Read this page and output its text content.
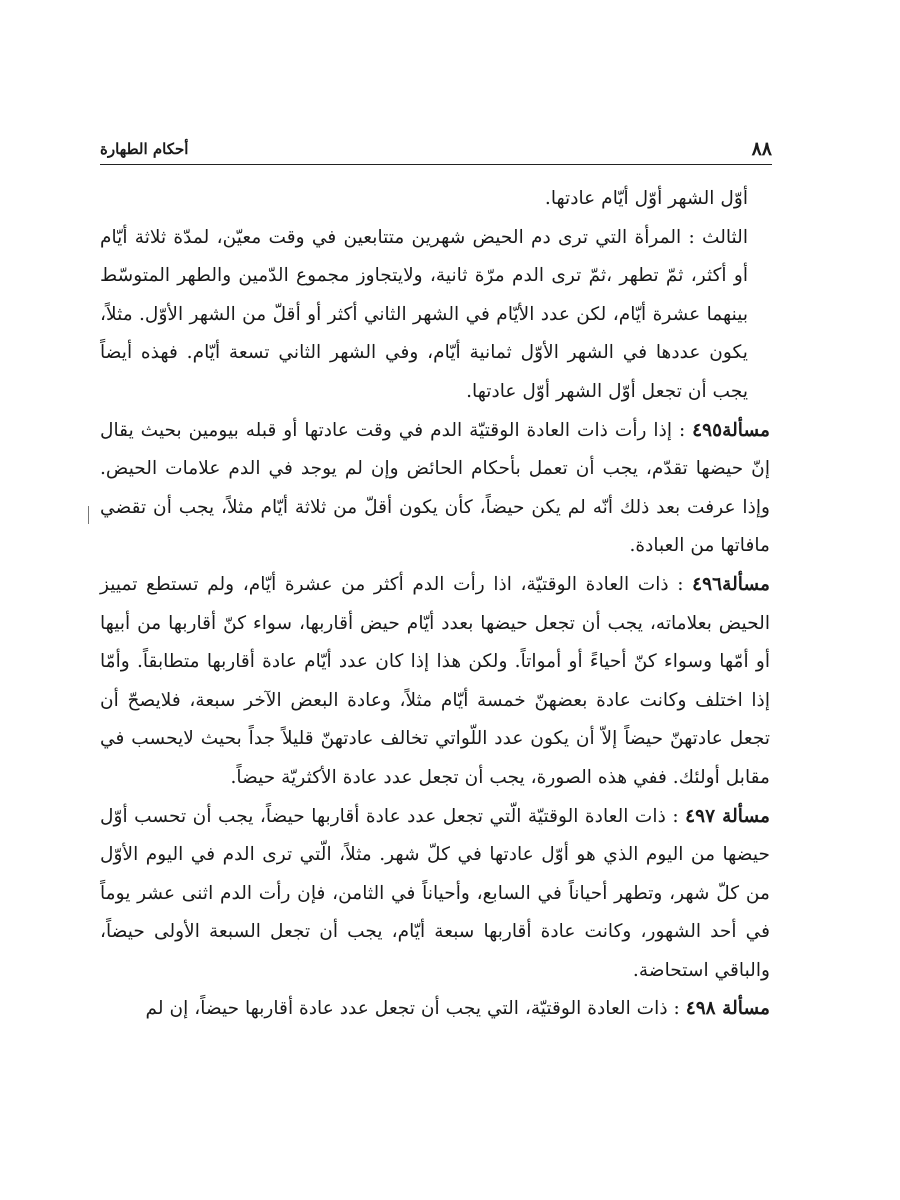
٨٨
أحكام الطهارة

أوّل الشهر أوّل أيّام عادتها.

الثالث : المرأة التي ترى دم الحيض شهرين متتابعين في وقت معيّن، لمدّة ثلاثة أيّام أو أكثر، ثمّ تطهر ،ثمّ ترى الدم مرّة ثانية، ولايتجاوز مجموع الدّمين والطهر المتوسّط بينهما عشرة أيّام، لكن عدد الأيّام في الشهر الثاني أكثر أو أقلّ من الشهر الأوّل. مثلاً، يكون عددها في الشهر الأوّل ثمانية أيّام، وفي الشهر الثاني تسعة أيّام. فهذه أيضاً يجب أن تجعل أوّل الشهر أوّل عادتها.

مسألة٤٩٥ : إذا رأت ذات العادة الوقتيّة الدم في وقت عادتها أو قبله بيومين بحيث يقال إنّ حيضها تقدّم، يجب أن تعمل بأحكام الحائض وإن لم يوجد في الدم علامات الحيض. وإذا عرفت بعد ذلك أنّه لم يكن حيضاً، كأن يكون أقلّ من ثلاثة أيّام مثلاً، يجب أن تقضي مافاتها من العبادة.

مسألة٤٩٦ : ذات العادة الوقتيّة، اذا رأت الدم أكثر من عشرة أيّام، ولم تستطع تمييز الحيض بعلاماته، يجب أن تجعل حيضها بعدد أيّام حيض أقاربها، سواء كنّ أقاربها من أبيها أو أمّها وسواء كنّ أحياءً أو أمواتاً. ولكن هذا إذا كان عدد أيّام عادة أقاربها متطابقاً. وأمّا إذا اختلف وكانت عادة بعضهنّ خمسة أيّام مثلاً، وعادة البعض الآخر سبعة، فلايصحّ أن تجعل عادتهنّ حيضاً إلاّ أن يكون عدد اللّواتي تخالف عادتهنّ قليلاً جداً بحيث لايحسب في مقابل أولئك. ففي هذه الصورة، يجب أن تجعل عدد عادة الأكثريّة حيضاً.

مسألة ٤٩٧ : ذات العادة الوقتيّة الّتي تجعل عدد عادة أقاربها حيضاً، يجب أن تحسب أوّل حيضها من اليوم الذي هو أوّل عادتها في كلّ شهر. مثلاً، الّتي ترى الدم في اليوم الأوّل من كلّ شهر، وتطهر أحياناً في السابع، وأحياناً في الثامن، فإن رأت الدم اثنى عشر يوماً في أحد الشهور، وكانت عادة أقاربها سبعة أيّام، يجب أن تجعل السبعة الأولى حيضاً، والباقي استحاضة.

مسألة ٤٩٨ : ذات العادة الوقتيّة، التي يجب أن تجعل عدد عادة أقاربها حيضاً، إن لم
